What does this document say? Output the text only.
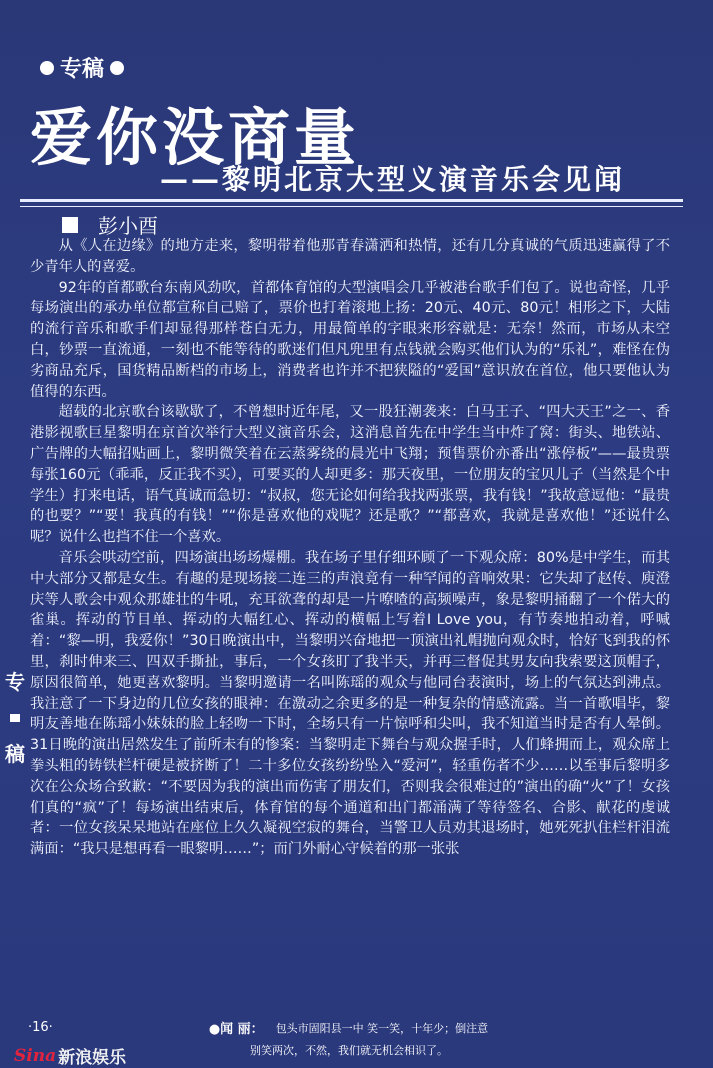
专稿
爱你没商量
——黎明北京大型义演音乐会见闻
彭小酉

从《人在边缘》的地方走来，黎明带着他那青春潇洒和热情，还有几分真诚的气质迅速赢得了不少青年人的喜爱。

92年的首都歌台东南风劲吹，首都体育馆的大型演唱会几乎被港台歌手们包了。说也奇怪，几乎每场演出的承办单位都宣称自己赔了，票价也打着滚地上扬：20元、40元、80元！相形之下，大陆的流行音乐和歌手们却显得那样苍白无力，用最简单的字眼来形容就是：无奈！然而，市场从未空白，钞票一直流通，一刻也不能等待的歌迷们但凡兜里有点钱就会购买他们认为的“乐礼”，难怪在伪劣商品充斥，国货精品断档的市场上，消费者也许并不把狭隘的“爱国”意识放在首位，他只要他认为值得的东西。

超载的北京歌台该歇歇了，不曾想时近年尾，又一股狂潮袭来：白马王子、“四大天王”之一、香港影视歌巨星黎明在京首次举行大型义演音乐会，这消息首先在中学生当中炸了窝：街头、地铁站、广告牌的大幅招贴画上，黎明微笑着在云蒸雾绕的晨光中飞翔；预售票价亦番出“涨停板”——最贵票每张160元（乖乖，反正我不买），可要买的人却更多：那天夜里，一位朋友的宝贝儿子（当然是个中学生）打来电话，语气真诚而急切：“叔叔，您无论如何给我找两张票，我有钱！”我故意逗他：“最贵的也要？”“要！我真的有钱！”“你是喜欢他的戏呢？还是歌？”“都喜欢，我就是喜欢他！”还说什么呢？说什么也挡不住一个喜欢。

音乐会哄动空前，四场演出场场爆棚。我在场子里仔细环顾了一下观众席：80%是中学生，而其中大部分又都是女生。有趣的是现场接二连三的声浪竟有一种罕闻的音响效果：它失却了赵传、庾澄庆等人歌会中观众那雄壮的牛吼，充耳欲聋的却是一片嘹喳的高频噪声，象是黎明捅翻了一个偌大的雀巢。挥动的节目单、挥动的大幅红心、挥动的横幅上写着I Love you，有节奏地拍动着，呼喊着：“黎—明，我爱你！”30日晚演出中，当黎明兴奋地把一顶演出礼帽抛向观众时，恰好飞到我的怀里，刹时伸来三、四双手撕扯，事后，一个女孩盯了我半天，并再三督促其男友向我索要这顶帽子，原因很简单，她更喜欢黎明。当黎明邀请一名叫陈瑶的观众与他同台表演时，场上的气氛达到沸点。我注意了一下身边的几位女孩的眼神：在激动之余更多的是一种复杂的情感流露。当一首歌唱毕，黎明友善地在陈瑶小妹妹的脸上轻吻一下时，全场只有一片惊呼和尖叫，我不知道当时是否有人晕倒。31日晚的演出居然发生了前所未有的惨案：当黎明走下舞台与观众握手时，人们蜂拥而上，观众席上拳头粗的铸铁栏杆硬是被挤断了！二十多位女孩纷纷坠入“爱河”，轻重伤者不少……以至事后黎明多次在公众场合致歉：“不要因为我的演出而伤害了朋友们，否则我会很难过的”演出的确“火”了！女孩们真的“疯”了！每场演出结束后，体育馆的每个通道和出门都涌满了等待签名、合影、献花的虔诚者：一位女孩呆呆地站在座位上久久凝视空寂的舞台，当警卫人员劝其退场时，她死死扒住栏杆泪流满面：“我只是想再看一眼黎明……”；而门外耐心守候着的那一张张

专
稿
·16·	●闻 丽： 包头市固阳县一中 笑一笑，十年少；倒注意
别笑两次，不然，我们就无机会相识了。
Sina 新浪娱乐
